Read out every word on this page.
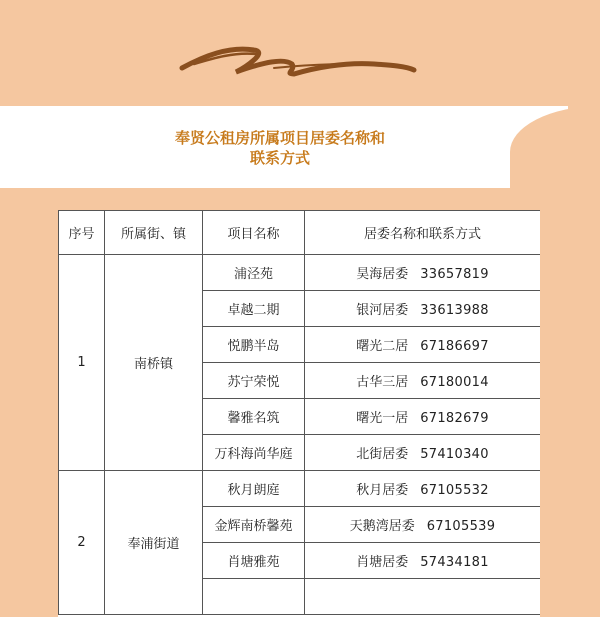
奉贤公租房所属项目居委名称和
联系方式
序号	所属街、镇	项目名称	居委名称和联系方式
1	南桥镇	浦泾苑	昊海居委 33657819
		卓越二期	银河居委 33613988
		悦鹏半岛	曙光二居 67186697
		苏宁荣悦	古华三居 67180014
		馨雅名筑	曙光一居 67182679
		万科海尚华庭	北街居委 57410340
2	奉浦街道	秋月朗庭	秋月居委 67105532
		金辉南桥馨苑	天鹅湾居委 67105539
		肖塘雅苑	肖塘居委 57434181
